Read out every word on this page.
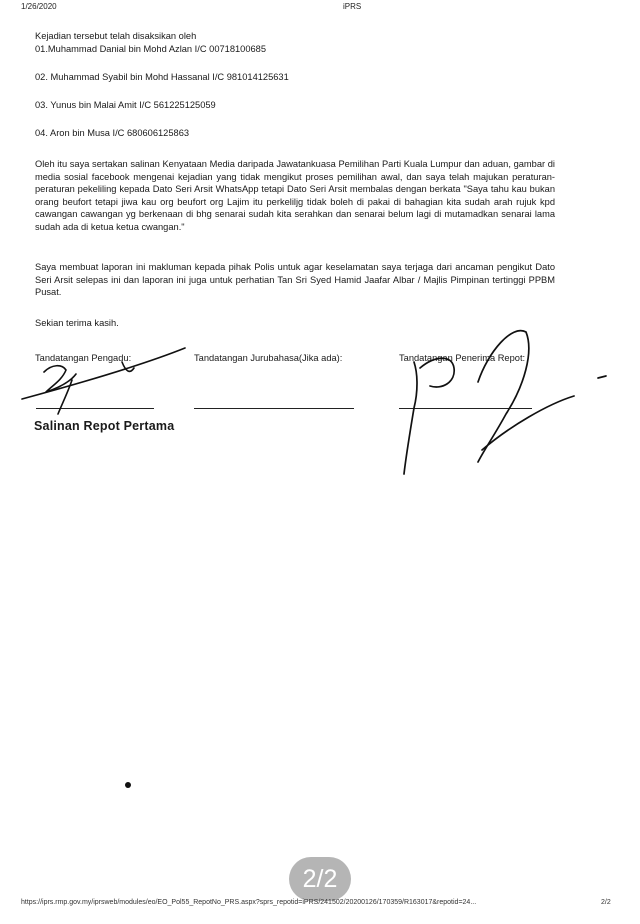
1/26/2020	iPRS

Kejadian tersebut telah disaksikan oleh

01.Muhammad Danial bin Mohd Azlan I/C 00718100685

02. Muhammad Syabil bin Mohd Hassanal I/C 981014125631

03. Yunus bin Malai Amit I/C 561225125059

04. Aron bin Musa I/C 680606125863

Oleh itu saya sertakan salinan Kenyataan Media daripada Jawatankuasa Pemilihan Parti Kuala Lumpur dan aduan, gambar di media sosial facebook mengenai kejadian yang tidak mengikut proses pemilihan awal, dan saya telah majukan peraturan-peraturan pekeliling kepada Dato Seri Arsit WhatsApp tetapi Dato Seri Arsit membalas dengan berkata "Saya tahu kau bukan orang beufort tetapi jiwa kau org beufort org Lajim itu perkeliljg tidak boleh di pakai di bahagian kita sudah arah rujuk kpd cawangan cawangan yg berkenaan di bhg senarai sudah kita serahkan dan senarai belum lagi di mutamadkan senarai lama sudah ada di ketua ketua cwangan."

Saya membuat laporan ini makluman kepada pihak Polis untuk agar keselamatan saya terjaga dari ancaman pengikut Dato Seri Arsit selepas ini dan laporan ini juga untuk perhatian Tan Sri Syed Hamid Jaafar Albar / Majlis Pimpinan tertinggi PPBM Pusat.

Sekian terima kasih.

Tandatangan Pengadu:	Tandatangan Jurubahasa(Jika ada):	Tandatangan Penerima Repot:
Salinan Repot Pertama
2/2
https://iprs.rmp.gov.my/iprsweb/modules/eo/EO_Pol55_RepotNo_PRS.aspx?sprs_repotid=iPRS/241502/20200126/170359/R163017&repotid=24...	2/2
